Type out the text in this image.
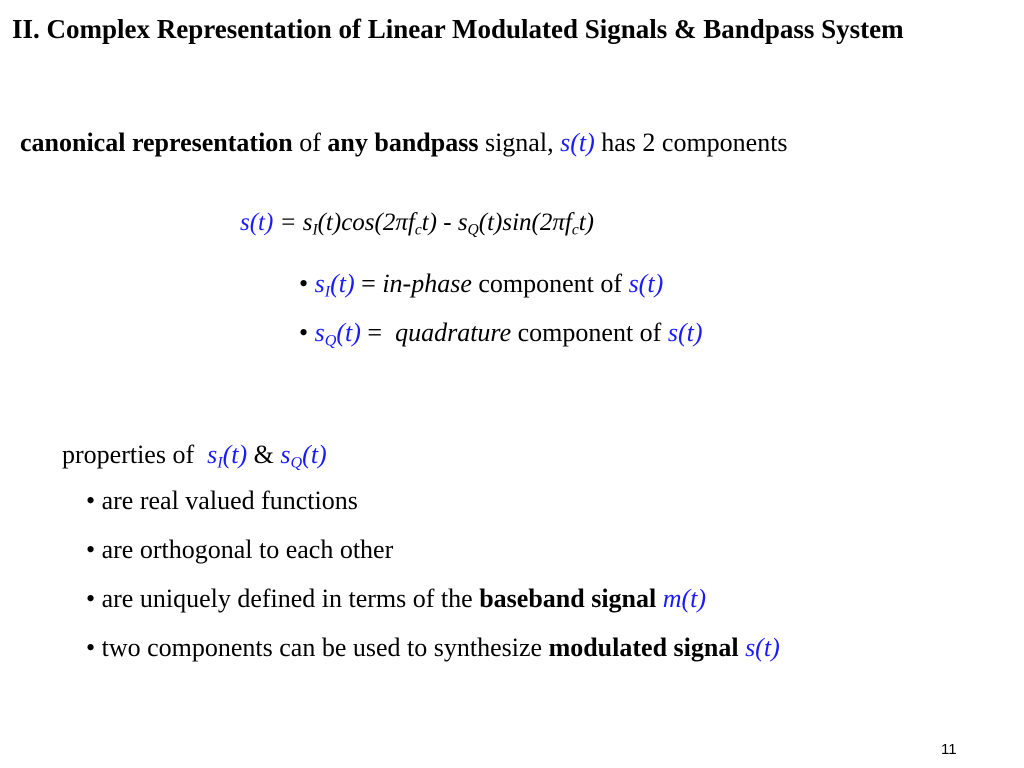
II. Complex Representation of Linear Modulated Signals & Bandpass System
canonical representation of any bandpass signal, s(t) has 2 components
$s(t) = s_I(t)\cos(2\pi f_ct) - s_Q(t)\sin(2\pi f_ct)$
• $s_I(t)$ = in-phase component of s(t)
• $s_Q(t)$ =  quadrature component of s(t)
properties of  $s_I(t)$ & $s_Q(t)$
• are real valued functions
• are orthogonal to each other
• are uniquely defined in terms of the baseband signal m(t)
• two components can be used to synthesize modulated signal s(t)
11
